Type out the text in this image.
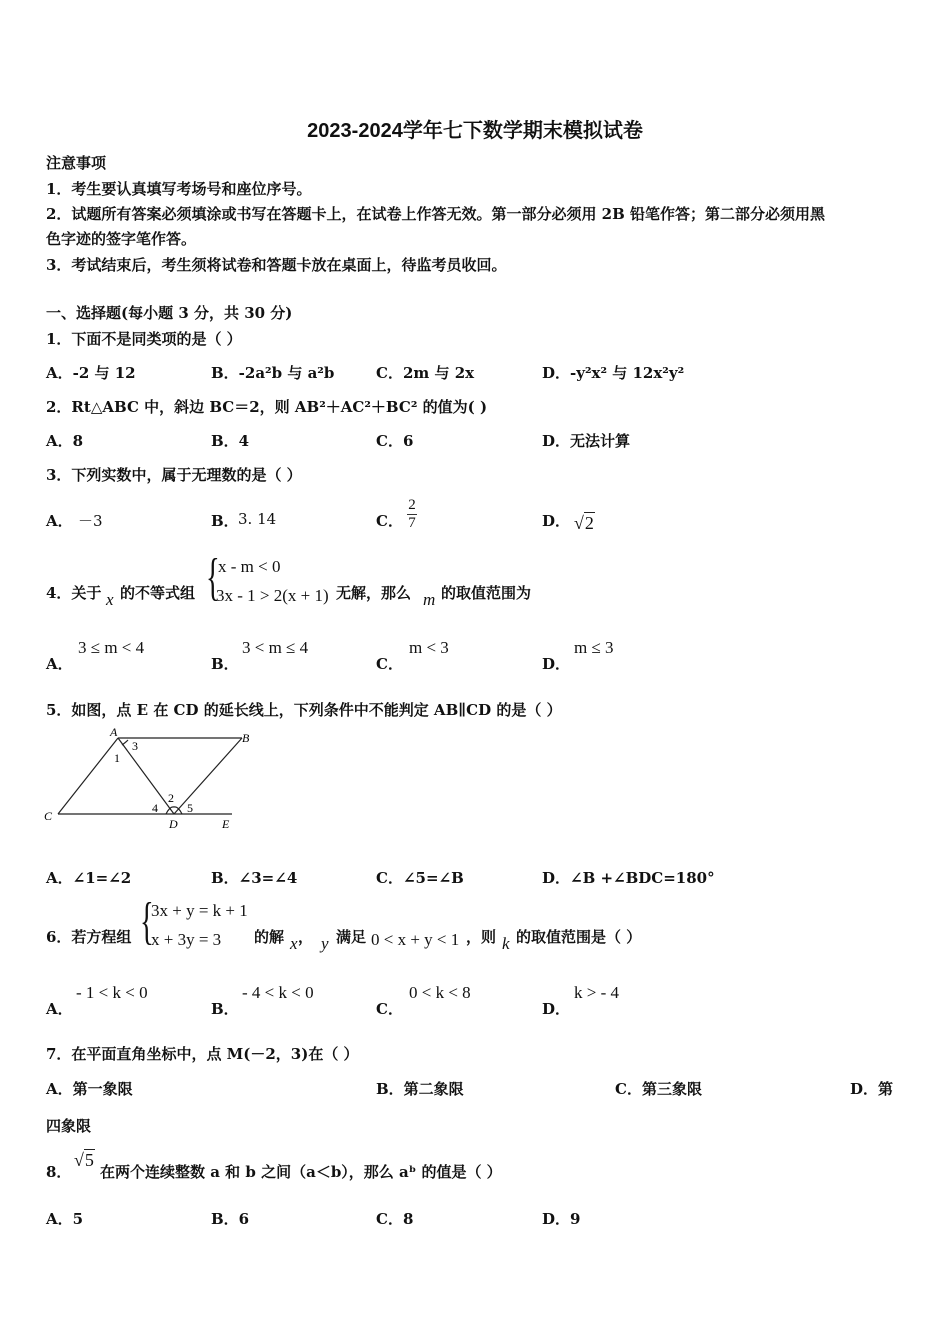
2023-2024学年七下数学期末模拟试卷
注意事项
1．考生要认真填写考场号和座位序号。
2．试题所有答案必须填涂或书写在答题卡上，在试卷上作答无效。第一部分必须用 2B 铅笔作答；第二部分必须用黑
色字迹的签字笔作答。
3．考试结束后，考生须将试卷和答题卡放在桌面上，待监考员收回。
一、选择题(每小题 3 分，共 30 分)
1．下面不是同类项的是（ ）
A．-2 与 12	B．-2a²b 与 a²b	C．2m 与 2x	D．-y²x² 与 12x²y²
2．Rt△ABC 中，斜边 BC＝2，则 AB²＋AC²＋BC² 的值为( )
A．8	B．4	C．6	D．无法计算
3．下列实数中，属于无理数的是（ ）
A． －3	B． 3. 14	C．
2
7	D． √2
4．关于 x 的不等式组 {
x - m < 0
3x - 1 > 2(x + 1) 无解，那么 m 的取值范围为
A．
3 ≤ m < 4
B．
3 < m ≤ 4
C．
m < 3
D．
m ≤ 3
5．如图，点 E 在 CD 的延长线上，下列条件中不能判定 AB∥CD 的是（ ）
A	B
C
D	E
1
2
3
4 5
A．∠1=∠2	B．∠3=∠4	C．∠5=∠B	D．∠B +∠BDC=180°
6．若方程组 {
3x + y = k + 1
x + 3y = 3 的解 x ， y 满足 0 < x + y < 1 ，则 k 的取值范围是（ ）
A．
- 1 < k < 0
B．
- 4 < k < 0
C．
0 < k < 8
D．
k > - 4
7．在平面直角坐标中，点 M(－2，3)在（ ）
A．第一象限	B．第二象限	C．第三象限	D．第
四象限
8．
√5
在两个连续整数 a 和 b 之间（a＜b），那么 aᵇ 的值是（ ）
A．5	B．6	C．8	D．9
